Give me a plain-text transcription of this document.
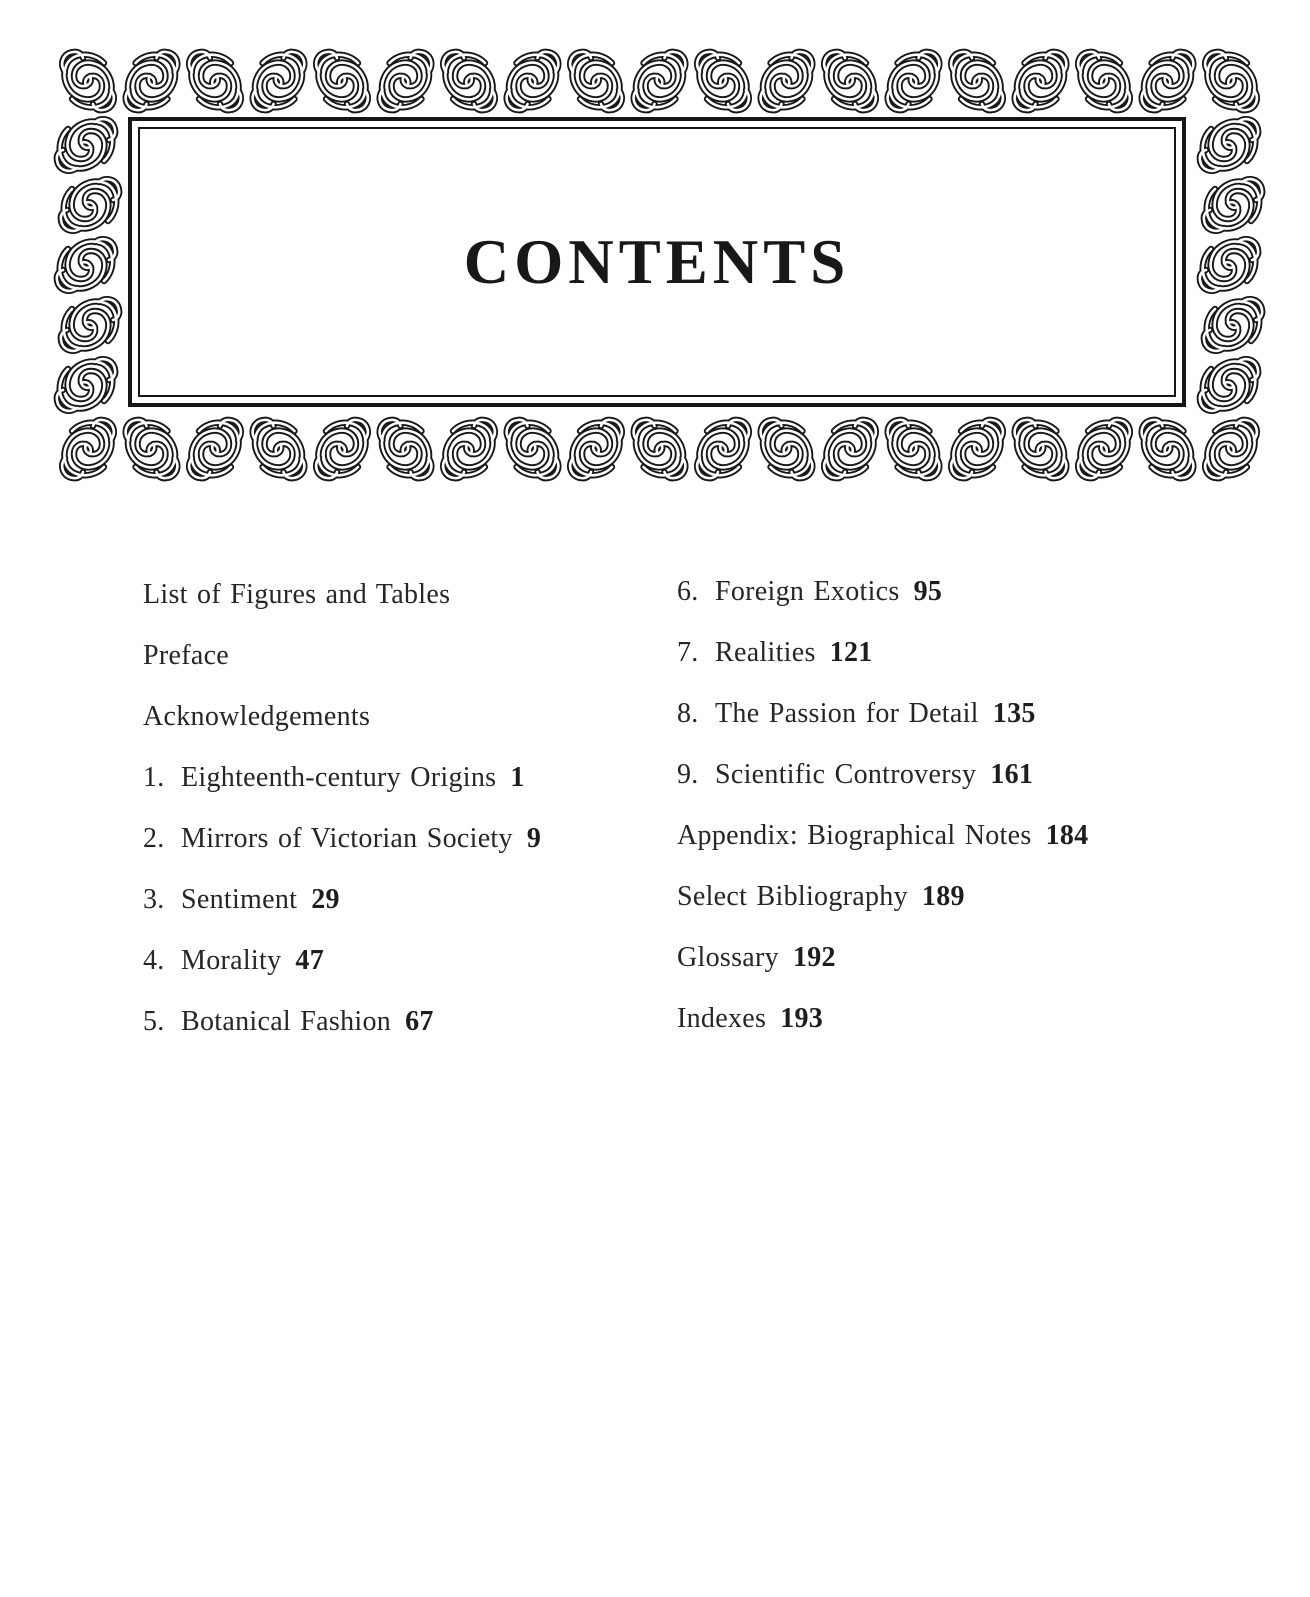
CONTENTS
List of Figures and Tables
Preface
Acknowledgements
1. Eighteenth-century Origins 1
2. Mirrors of Victorian Society 9
3. Sentiment 29
4. Morality 47
5. Botanical Fashion 67
6. Foreign Exotics 95
7. Realities 121
8. The Passion for Detail 135
9. Scientific Controversy 161
Appendix: Biographical Notes 184
Select Bibliography 189
Glossary 192
Indexes 193
